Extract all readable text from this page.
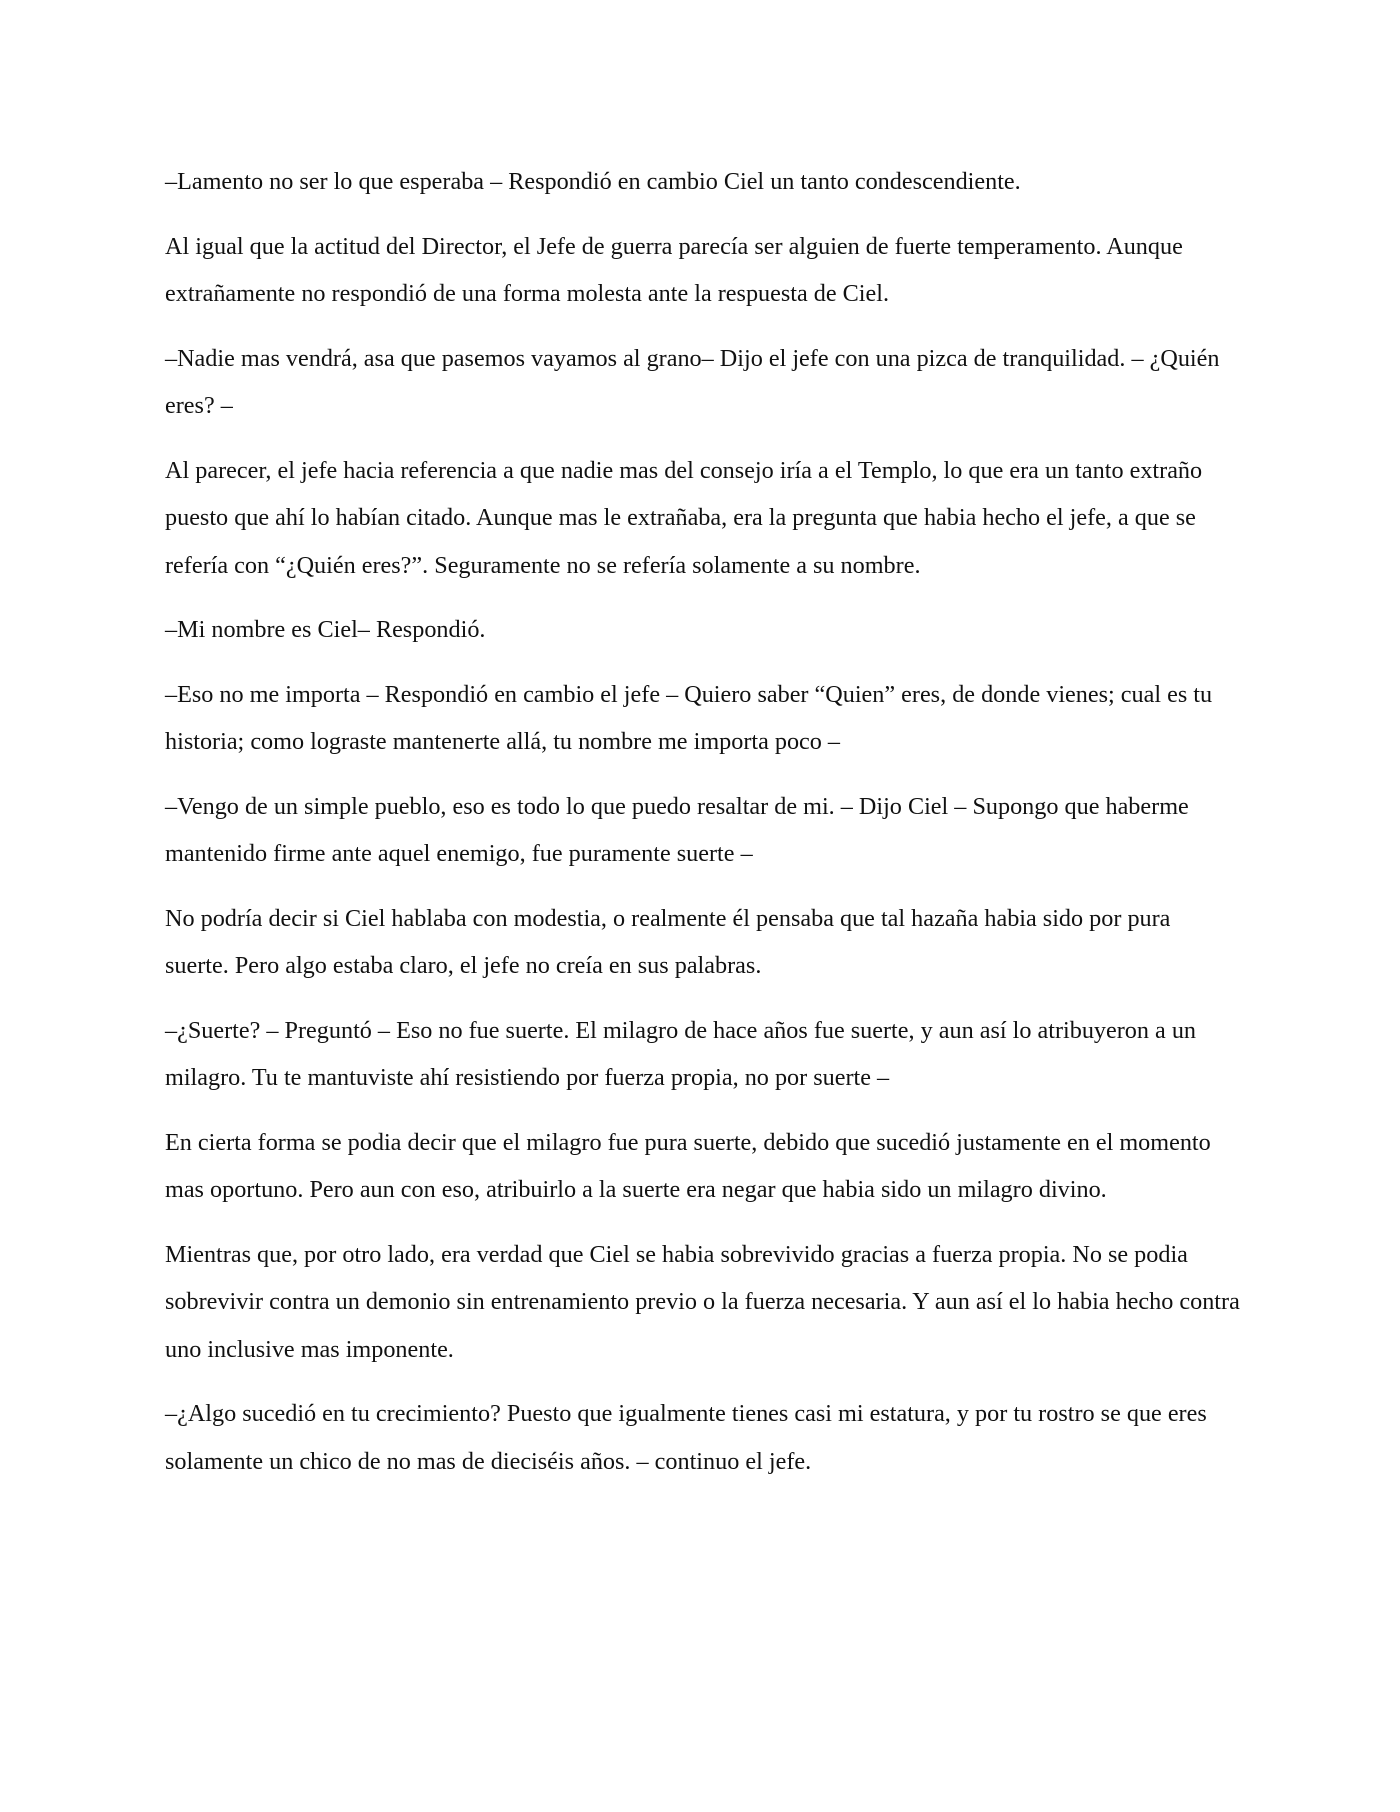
–Lamento no ser lo que esperaba – Respondió en cambio Ciel un tanto condescendiente.

Al igual que la actitud del Director, el Jefe de guerra parecía ser alguien de fuerte temperamento. Aunque extrañamente no respondió de una forma molesta ante la respuesta de Ciel.

–Nadie mas vendrá, asa que pasemos vayamos al grano– Dijo el jefe con una pizca de tranquilidad. – ¿Quién eres? –

Al parecer, el jefe hacia referencia a que nadie mas del consejo iría a el Templo, lo que era un tanto extraño puesto que ahí lo habían citado. Aunque mas le extrañaba, era la pregunta que habia hecho el jefe, a que se refería con “¿Quién eres?”. Seguramente no se refería solamente a su nombre.

–Mi nombre es Ciel– Respondió.

–Eso no me importa – Respondió en cambio el jefe – Quiero saber “Quien” eres, de donde vienes; cual es tu historia; como lograste mantenerte allá, tu nombre me importa poco –

–Vengo de un simple pueblo, eso es todo lo que puedo resaltar de mi. – Dijo Ciel – Supongo que haberme mantenido firme ante aquel enemigo, fue puramente suerte –

No podría decir si Ciel hablaba con modestia, o realmente él pensaba que tal hazaña habia sido por pura suerte. Pero algo estaba claro, el jefe no creía en sus palabras.

–¿Suerte? – Preguntó – Eso no fue suerte. El milagro de hace años fue suerte, y aun así lo atribuyeron a un milagro. Tu te mantuviste ahí resistiendo por fuerza propia, no por suerte –

En cierta forma se podia decir que el milagro fue pura suerte, debido que sucedió justamente en el momento mas oportuno. Pero aun con eso, atribuirlo a la suerte era negar que habia sido un milagro divino.

Mientras que, por otro lado, era verdad que Ciel se habia sobrevivido gracias a fuerza propia. No se podia sobrevivir contra un demonio sin entrenamiento previo o la fuerza necesaria. Y aun así el lo habia hecho contra uno inclusive mas imponente.

–¿Algo sucedió en tu crecimiento? Puesto que igualmente tienes casi mi estatura, y por tu rostro se que eres solamente un chico de no mas de dieciséis años. – continuo el jefe.
